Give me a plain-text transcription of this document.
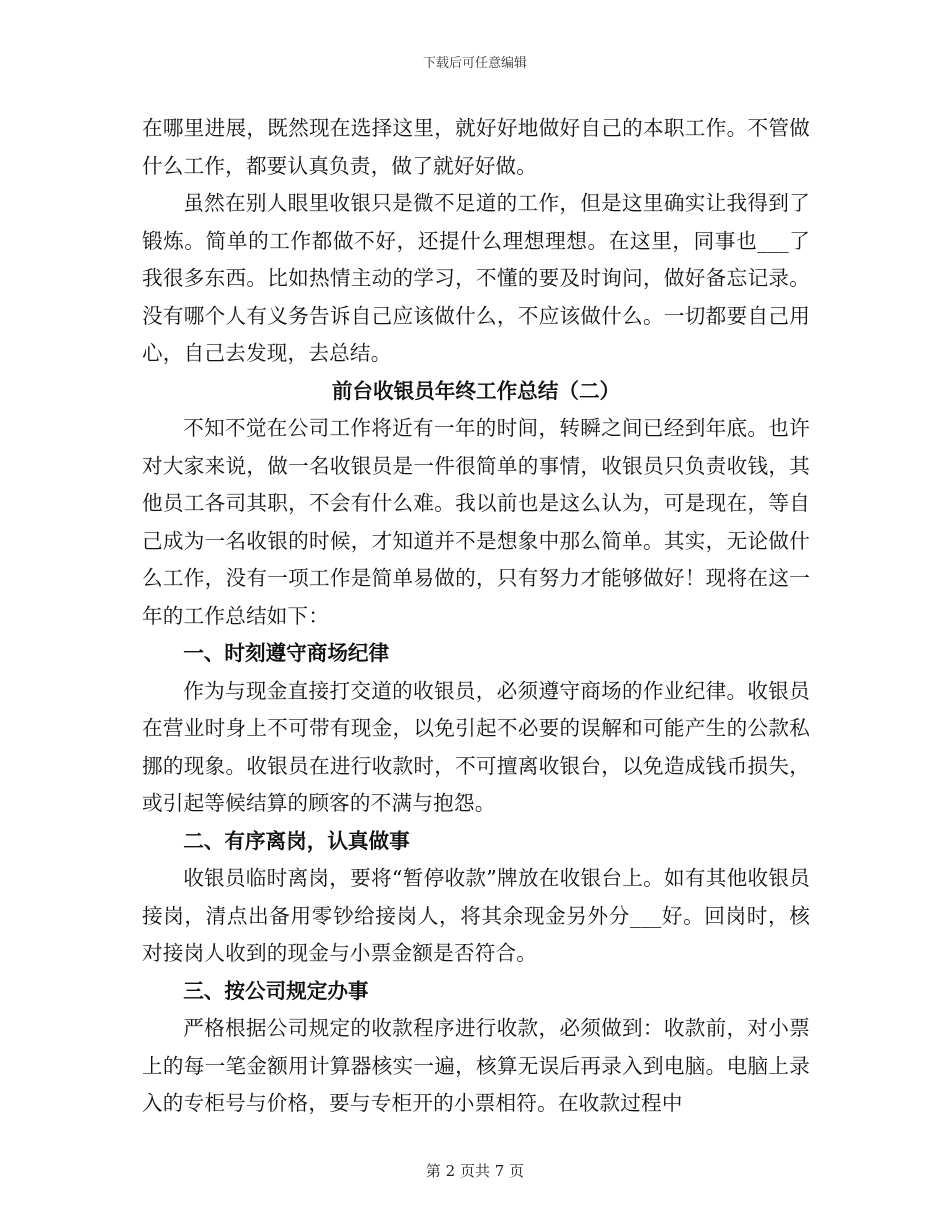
下载后可任意编辑

在哪里进展，既然现在选择这里，就好好地做好自己的本职工作。不管做什么工作，都要认真负责，做了就好好做。

虽然在别人眼里收银只是微不足道的工作，但是这里确实让我得到了锻炼。简单的工作都做不好，还提什么理想理想。在这里，同事也___了我很多东西。比如热情主动的学习，不懂的要及时询问，做好备忘记录。没有哪个人有义务告诉自己应该做什么，不应该做什么。一切都要自己用心，自己去发现，去总结。

前台收银员年终工作总结（二）

不知不觉在公司工作将近有一年的时间，转瞬之间已经到年底。也许对大家来说，做一名收银员是一件很简单的事情，收银员只负责收钱，其他员工各司其职，不会有什么难。我以前也是这么认为，可是现在，等自己成为一名收银的时候，才知道并不是想象中那么简单。其实，无论做什么工作，没有一项工作是简单易做的，只有努力才能够做好！现将在这一年的工作总结如下：

一、时刻遵守商场纪律

作为与现金直接打交道的收银员，必须遵守商场的作业纪律。收银员在营业时身上不可带有现金，以免引起不必要的误解和可能产生的公款私挪的现象。收银员在进行收款时，不可擅离收银台，以免造成钱币损失，或引起等候结算的顾客的不满与抱怨。

二、有序离岗，认真做事

收银员临时离岗，要将“暂停收款”牌放在收银台上。如有其他收银员接岗，清点出备用零钞给接岗人，将其余现金另外分___好。回岗时，核对接岗人收到的现金与小票金额是否符合。

三、按公司规定办事

严格根据公司规定的收款程序进行收款，必须做到：收款前，对小票上的每一笔金额用计算器核实一遍，核算无误后再录入到电脑。电脑上录入的专柜号与价格，要与专柜开的小票相符。在收款过程中

第 2 页共 7 页
